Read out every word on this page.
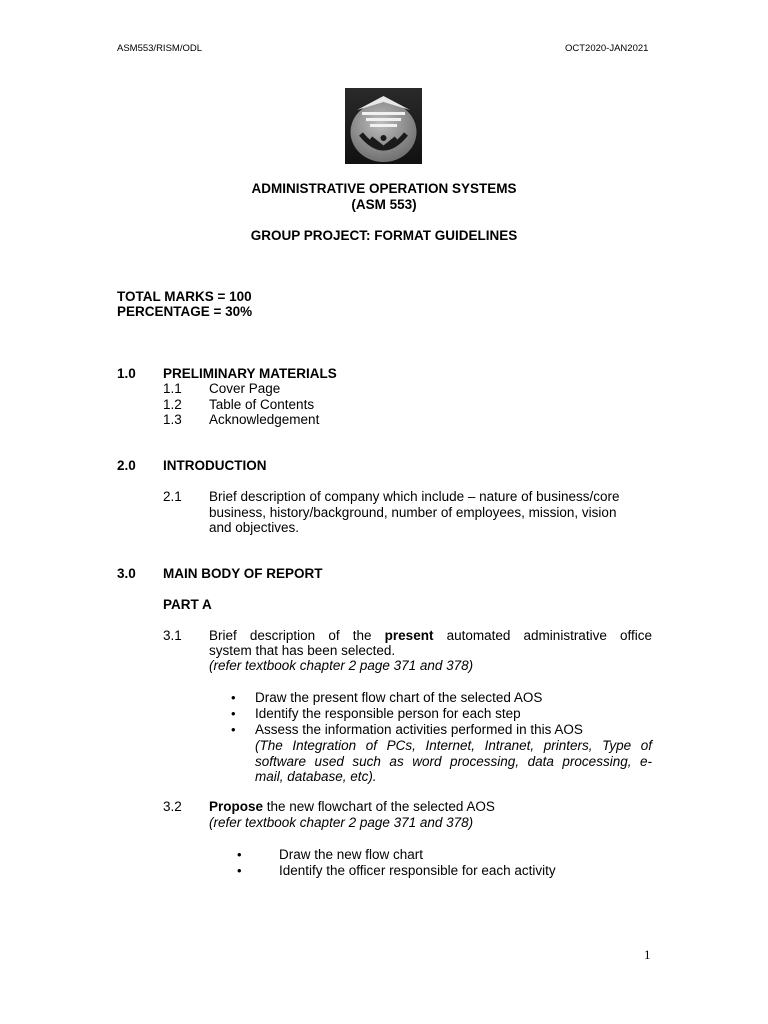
ASM553/RISM/ODL	OCT2020-JAN2021
ADMINISTRATIVE OPERATION SYSTEMS
(ASM 553)
GROUP PROJECT: FORMAT GUIDELINES
TOTAL MARKS = 100
PERCENTAGE = 30%
1.0 PRELIMINARY MATERIALS
1.1 Cover Page
1.2 Table of Contents
1.3 Acknowledgement
2.0 INTRODUCTION
2.1 Brief description of company which include – nature of business/core
business, history/background, number of employees, mission, vision
and objectives.
3.0 MAIN BODY OF REPORT
PART A
3.1 Brief description of the present automated administrative office
system that has been selected.
(refer textbook chapter 2 page 371 and 378)
• Draw the present flow chart of the selected AOS
• Identify the responsible person for each step
• Assess the information activities performed in this AOS
(The Integration of PCs, Internet, Intranet, printers, Type of
software used such as word processing, data processing, e-
mail, database, etc).
3.2 Propose the new flowchart of the selected AOS
(refer textbook chapter 2 page 371 and 378)
•	Draw the new flow chart
•	Identify the officer responsible for each activity
1
